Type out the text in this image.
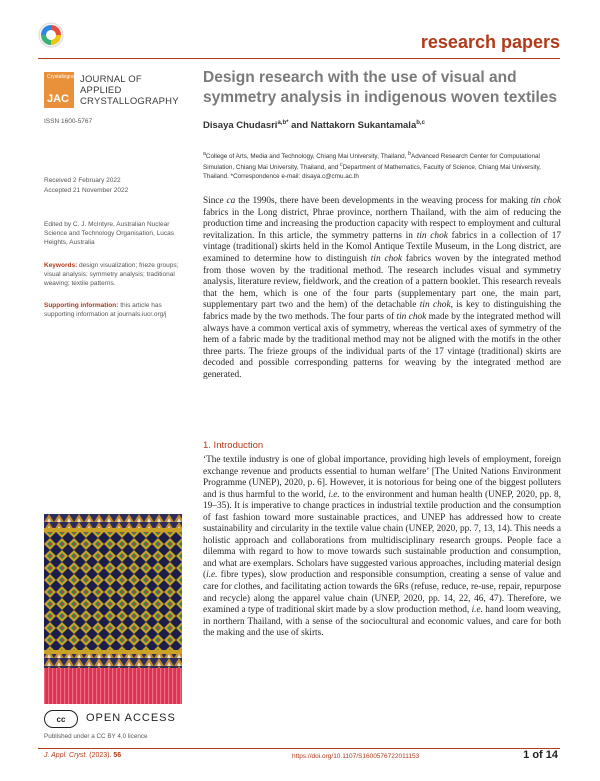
research papers
Crystallography
JAC
JOURNAL OF
APPLIED
CRYSTALLOGRAPHY
ISSN 1600-5767
Received 2 February 2022
Accepted 21 November 2022
Edited by C. J. McIntyre, Australian Nuclear Science and Technology Organisation, Lucas Heights, Australia
Keywords: design visualization; frieze groups; visual analysis; symmetry analysis; traditional weaving; textile patterns.
Supporting information: this article has supporting information at journals.iucr.org/j
Design research with the use of visual and symmetry analysis in indigenous woven textiles
Disaya Chudasri$^{a,b*}$ and Nattakorn Sukantamala$^{b,c}$
$^a$College of Arts, Media and Technology, Chiang Mai University, Thailand, $^b$Advanced Research Center for Computational Simulation, Chiang Mai University, Thailand, and $^c$Department of Mathematics, Faculty of Science, Chiang Mai University, Thailand. *Correspondence e-mail: disaya.c@cmu.ac.th
Since ca the 1990s, there have been developments in the weaving process for making tin chok fabrics in the Long district, Phrae province, northern Thailand, with the aim of reducing the production time and increasing the production capacity with respect to employment and cultural revitalization. In this article, the symmetry patterns in tin chok fabrics in a collection of 17 vintage (traditional) skirts held in the Komol Antique Textile Museum, in the Long district, are examined to determine how to distinguish tin chok fabrics woven by the integrated method from those woven by the traditional method. The research includes visual and symmetry analysis, literature review, fieldwork, and the creation of a pattern booklet. This research reveals that the hem, which is one of the four parts (supplementary part one, the main part, supplementary part two and the hem) of the detachable tin chok, is key to distinguishing the fabrics made by the two methods. The four parts of tin chok made by the integrated method will always have a common vertical axis of symmetry, whereas the vertical axes of symmetry of the hem of a fabric made by the traditional method may not be aligned with the motifs in the other three parts. The frieze groups of the individual parts of the 17 vintage (traditional) skirts are decoded and possible corresponding patterns for weaving by the integrated method are generated.
1. Introduction
‘The textile industry is one of global importance, providing high levels of employment, foreign exchange revenue and products essential to human welfare’ [The United Nations Environment Programme (UNEP), 2020, p. 6]. However, it is notorious for being one of the biggest polluters and is thus harmful to the world, i.e. to the environment and human health (UNEP, 2020, pp. 8, 19–35). It is imperative to change practices in industrial textile production and the consumption of fast fashion toward more sustainable practices, and UNEP has addressed how to create sustainability and circularity in the textile value chain (UNEP, 2020, pp. 7, 13, 14). This needs a holistic approach and collaborations from multidisciplinary research groups. People face a dilemma with regard to how to move towards such sustainable production and consumption, and what are exemplars. Scholars have suggested various approaches, including material design (i.e. fibre types), slow production and responsible consumption, creating a sense of value and care for clothes, and facilitating action towards the 6Rs (refuse, reduce, re-use, repair, repurpose and recycle) along the apparel value chain (UNEP, 2020, pp. 14, 22, 46, 47). Therefore, we examined a type of traditional skirt made by a slow production method, i.e. hand loom weaving, in northern Thailand, with a sense of the sociocultural and economic values, and care for both the making and the use of skirts.
cc	OPEN ACCESS
Published under a CC BY 4.0 licence
J. Appl. Cryst. (2023). 56	https://doi.org/10.1107/S1600576722011153	1 of 14
